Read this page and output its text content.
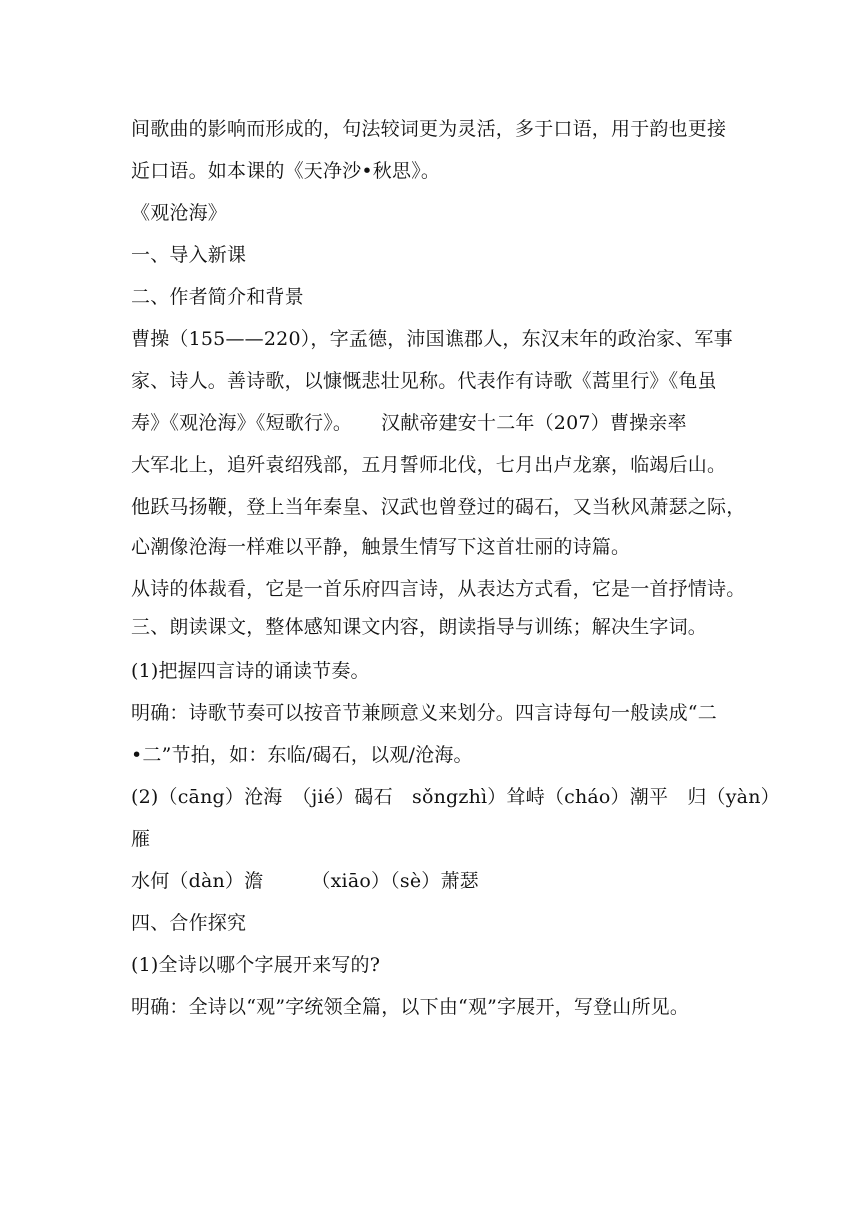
间歌曲的影响而形成的，句法较词更为灵活，多于口语，用于韵也更接
近口语。如本课的《天净沙•秋思》。
《观沧海》
一、导入新课
二、作者简介和背景
曹操（155——220），字孟德，沛国谯郡人，东汉末年的政治家、军事
家、诗人。善诗歌，以慷慨悲壮见称。代表作有诗歌《蒿里行》《龟虽
寿》《观沧海》《短歌行》。　　汉献帝建安十二年（207）曹操亲率
大军北上，追歼袁绍残部，五月誓师北伐，七月出卢龙寨，临竭后山。
他跃马扬鞭，登上当年秦皇、汉武也曾登过的碣石，又当秋风萧瑟之际，
心潮像沧海一样难以平静，触景生情写下这首壮丽的诗篇。
从诗的体裁看，它是一首乐府四言诗，从表达方式看，它是一首抒情诗。
三、朗读课文，整体感知课文内容，朗读指导与训练；解决生字词。
(1)把握四言诗的诵读节奏。
明确：诗歌节奏可以按音节兼顾意义来划分。四言诗每句一般读成“二
•二”节拍，如：东临/碣石，以观/沧海。
(2)（cāng）沧海　（jié）碣石　sǒngzhì）耸峙（cháo）潮平　归（yàn）
雁
水何（dàn）澹　　　（xiāo）（sè）萧瑟
四、合作探究
(1)全诗以哪个字展开来写的?
明确：全诗以“观”字统领全篇，以下由“观”字展开，写登山所见。
